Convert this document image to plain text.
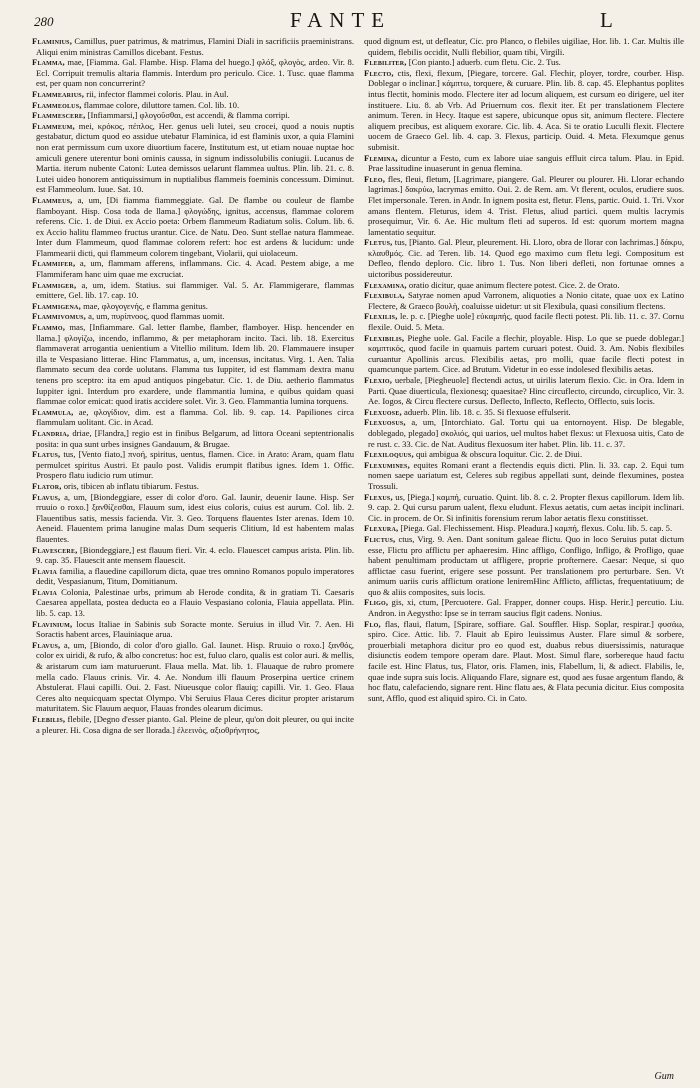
280	FANTE	L

Flaminius, Camillus, puer patrimus, & matrimus, Flamini Diali in sacrificiis praeministrans. Aliqui enim ministras Camillos dicebant. Festus.

Flamma, mae, [Fiamma. Gal. Flambe. Hisp. Flama del huego.] φλόξ, φλογὸς, ardeo. Vir. 8. Ecl. Corripuit tremulis altaria flammis. Interdum pro periculo. Cice. 1. Tusc. quae flamma est, per quam non concurrerint?

Flammearius, rii, infector flammei coloris. Plau. in Aul.

Flammeolus, flammae colore, diluttore tamen. Col. lib. 10.

Flammescere, [Infiammarsi,] φλογοῦσθαι, est accendi, & flamma corripi.

Flammeum, mei, κρόκος, πέπλος, Her. genus ueli lutei, seu crocei, quod a nouis nuptis gestabatur, dictum quod eo assidue utebatur Flaminica, id est flaminis uxor, a quia Flamini non erat permissum cum uxore diuortium facere, Institutum est, ut etiam nouae nuptae hoc amiculi genere uterentur boni ominis caussa, in signum indissolubilis coniugii. Lucanus de Martia. iterum nubente Catoni: Lutea demissos uelarunt flammea uultus. Plin. lib. 21. c. 8. Lutei uideo honorem antiquissimum in nuptialibus flammeis foeminis concessum. Diminut. est Flammeolum. Iuue. Sat. 10.

Flammeus, a, um, [Di fiamma fiammeggiate. Gal. De flambe ou couleur de flambe flamboyant. Hisp. Cosa toda de llama.] φλογώδης, ignitus, accensus, flammae colorem referens. Cic. 1. de Diui. ex Accio poeta: Orbem flammeum Radiatum solis. Colum. lib. 6. ex Accio halitu flammeo fructus urantur. Cice. de Natu. Deo. Sunt stellae natura flammeae. Inter dum Flammeum, quod flammae colorem refert: hoc est ardens & lucidum: unde Flammearii dicti, qui flammeum colorem tingebant, Violarii, qui uiolaceum.

Flammifer, a, um, flammam afferens, inflammans. Cic. 4. Acad. Pestem abige, a me Flammiferam hanc uim quae me excruciat.

Flammiger, a, um, idem. Statius. sui flammiger. Val. 5. Ar. Flammigerare, flammas emittere, Gel. lib. 17. cap. 10.

Flammigena, mae, φλογογενής, e flamma genitus.

Flammivomus, a, um, πυρίπνοος, quod flammas uomit.

Flammo, mas, [Infiammare. Gal. letter flambe, flamber, flamboyer. Hisp. hencender en llama.] φλογίζω, incendo, inflammo, & per metaphoram incito. Taci. lib. 18. Exercitus flammaverat arrogantia uenientium a Vitellio militum. Idem lib. 20. Flammauere insuper illa te Vespasiano litterae. Hinc Flammatus, a, um, incensus, incitatus. Virg. 1. Aen. Talia flammato secum dea corde uolutans. Flamma tus Iuppiter, id est flammam dextra manu tenens pro sceptro: ita em apud antiquos pingebatur. Cic. 1. de Diu. aetherio flammatus Iuppiter igni. Interdum pro exardere, unde flammantia lumina, e quibus quidam quasi flammae color emicat: quod iratis accidere solet. Vir. 3. Geo. Flammantia lumina torquens.

Flammula, ae, φλογίδιον, dim. est a flamma. Col. lib. 9. cap. 14. Papiliones circa flammulam uolitant. Cic. in Acad.

Flandria, driae, [Flandra,] regio est in finibus Belgarum, ad littora Oceani septentrionalis posita: in qua sunt urbes insignes Gandauum, & Brugae.

Flatus, tus, [Vento fiato,] πνοή, spiritus, uentus, flamen. Cice. in Arato: Aram, quam flatu permulcet spiritus Austri. Et paulo post. Validis erumpit flatibus ignes. Idem 1. Offic. Prospero flatu iudicio rum utimur.

Flator, oris, tibicen ab inflatu tibiarum. Festus.

Flavus, a, um, [Biondeggiare, esser di color d'oro. Gal. Iaunir, deuenir Iaune. Hisp. Ser rruuio o roxo.] ξανθίζεσθαι, Flauum sum, idest eius coloris, cuius est aurum. Col. lib. 2. Flauentibus satis, messis facienda. Vir. 3. Geo. Torquens flauentes Ister arenas. Idem 10. Aeneid. Flauentem prima lanugine malas Dum sequeris Clitium, Id est habentem malas flauentes.

Flavescere, [Biondeggiare,] est flauum fieri. Vir. 4. eclo. Flauescet campus arista. Plin. lib. 9. cap. 35. Flauescit ante mensem flauescit.

Flavia familia, a flauedine capillorum dicta, quae tres omnino Romanos populo imperatores dedit, Vespasianum, Titum, Domitianum.

Flavia Colonia, Palestinae urbs, primum ab Herode condita, & in gratiam Ti. Caesaris Caesarea appellata, postea deducta eo a Flauio Vespasiano colonia, Flauia appellata. Plin. lib. 5. cap. 13.

Flavinium, locus Italiae in Sabinis sub Soracte monte. Seruius in illud Vir. 7. Aen. Hi Soractis habent arces, Flauiniaque arua.

Flavus, a, um, [Biondo, di color d'oro giallo. Gal. Iaunet. Hisp. Rruuio o roxo.] ξανθός, color ex uiridi, & rufo, & albo concretus: hoc est, fuluo claro, qualis est color auri. & mellis, & aristarum cum iam maturuerunt. Flaua mella. Mat. lib. 1. Flauaque de rubro promere mella cado. Flauus crinis. Vir. 4. Ae. Nondum illi flauum Proserpina uertice crinem Abstulerat. Flaui capilli. Oui. 2. Fast. Niueusque color flauiq; capilli. Vir. 1. Geo. Flaua Ceres alto nequicquam spectat Olympo. Vbi Seruius Flaua Ceres dicitur propter aristarum maturitatem. Sic Flauum aequor, Flauas frondes olearum dicimus.

Flebilis, flebile, [Degno d'esser pianto. Gal. Pleine de pleur, qu'on doit pleurer, ou qui incite a pleurer. Hi. Cosa digna de ser llorada.] ἐλεεινὸς, αξιοθρήνητος,

quod dignum est, ut defleatur, Cic. pro Planco, o flebiles uigiliae, Hor. lib. 1. Car. Multis ille quidem, flebilis occidit, Nulli flebilior, quam tibi, Virgili.

Flebiliter, [Con pianto.] aduerb. cum fletu. Cic. 2. Tus.

Flecto, ctis, flexi, flexum, [Piegare, torcere. Gal. Flechir, ployer, tordre, courber. Hisp. Doblegar o inclinar.] κάμπτω, torquere, & curuare. Plin. lib. 8. cap. 45. Elephantus poplites intus flectit, hominis modo. Flectere iter ad locum aliquem, est cursum eo dirigere, uel iter instituere. Liu. 8. ab Vrb. Ad Priuernum cos. flexit iter. Et per translationem Flectere animum. Teren. in Hecy. Itaque est sapere, ubicunque opus sit, animum flectere. Flectere aliquem precibus, est aliquem exorare. Cic. lib. 4. Aca. Si te oratio Luculli flexit. Flectere uocem de Graeco Gel. lib. 4. cap. 3. Flexus, particip. Ouid. 4. Meta. Flexumque genus submisit.

Flemina, dicuntur a Festo, cum ex labore uiae sanguis effluit circa talum. Plau. in Epid. Prae lassitudine inuaserunt in genua flemina.

Fleo, fles, fleui, fletum, [Lagrimare, piangere. Gal. Pleurer ou plourer. Hi. Llorar echando lagrimas.] δακρύω, lacrymas emitto. Oui. 2. de Rem. am. Vt flerent, oculos, erudiere suos. Flet impersonale. Teren. in Andr. In ignem posita est, fletur. Flens, partic. Ouid. 1. Tri. Vxor amans flentem. Fleturus, idem 4. Trist. Fletus, aliud partici. quem multis lacrymis prosequimur, Vir. 6. Ae. Hic multum fleti ad superos. Id est: quorum mortem magna lamentatio sequitur.

Fletus, tus, [Pianto. Gal. Pleur, pleurement. Hi. Lloro, obra de llorar con lachrimas.] δάκρυ, κλαυθμός. Cic. ad Teren. lib. 14. Quod ego maximo cum fletu legi. Compositum est Defleo, flendo deploro. Cic. libro 1. Tus. Non liberi defleti, non fortunae omnes a uictoribus possidereutur.

Flexamina, oratio dicitur, quae animum flectere potest. Cice. 2. de Orato.

Flexibula, Satyrae nomen apud Varronem, aliquoties a Nonio citate, quae uox ex Latino Flectere, & Graeco βουλὴ, coaluisse uidetur: ut sit Flexibula, quasi consilium flectens.

Flexilis, le. p. c. [Pieghe uole] εὐκαμπής, quod facile flecti potest. Pli. lib. 11. c. 37. Cornu flexile. Ouid. 5. Meta.

Flexibilis, Pieghe uole. Gal. Facile a flechir, ployable. Hisp. Lo que se puede doblegar.] καμπτικός, quod facile in quamuis partem curuari potest. Ouid. 3. Am. Nobis flexibiles curuantur Apollinis arcus. Flexibilis aetas, pro molli, quae facile flecti potest in quamcunque partem. Cice. ad Brutum. Videtur in eo esse indolesed flexibilis aetas.

Flexio, uerbale, [Piegheuole] flectendi actus, ut uirilis laterum flexio. Cic. in Ora. Idem in Parti. Quae diuerticula, flexionesq; quaesitae? Hinc circuflecto, circundo, circuplico, Vir. 3. Ae. Iogos, & Circu flectere cursus. Deflecto, Inflecto, Reflecto, Offlecto, suis locis.

Flexuose, aduerb. Plin. lib. 18. c. 35. Si flexuose effulserit.

Flexuosus, a, um, [Intorchiato. Gal. Tortu qui ua entornoyent. Hisp. De blegable, doblegado, plegado] σκολιός, qui uarios, uel multos habet flexus: ut Flexuosa uitis, Cato de re rust. c. 33. Cic. de Nat. Auditus flexuosum iter habet. Plin. lib. 11. c. 37.

Flexiloquus, qui ambigua & obscura loquitur. Cic. 2. de Diui.

Flexumines, equites Romani erant a flectendis equis dicti. Plin. li. 33. cap. 2. Equi tum nomen saepe uariatum est, Celeres sub regibus appellati sunt, deinde flexumines, postea Trossuli.

Flexus, us, [Piega.] καμπή, curuatio. Quint. lib. 8. c. 2. Propter flexus capillorum. Idem lib. 9. cap. 2. Qui cursu parum ualent, flexu eludunt. Flexus aetatis, cum aetas incipit inclinari. Cic. in procem. de Or. Si infinitis forensium rerum labor aetatis flexu constitisset.

Flexura, [Piega. Gal. Flechissement. Hisp. Pleadura.] καμπή, flexus. Colu. lib. 5. cap. 5.

Flictus, ctus, Virg. 9. Aen. Dant sonitum galeae flictu. Quo in loco Seruius putat dictum esse, Flictu pro afflictu per aphaeresim. Hinc affligo, Confligo, Infligo, & Profligo, quae habent penultimam productam ut affligere, proprie profternere. Caesar: Neque, si quo afflictae casu fuerint, erigere sese possunt. Per translationem pro perturbare. Sen. Vt animum uariis curis afflictum oratione leniremHinc Afflicto, afflictas, frequentatiuum; de quo & aliis composites, suis locis.

Fligo, gis, xi, ctum, [Percuotere. Gal. Frapper, donner coups. Hisp. Herir.] percutio. Liu. Andron. in Aegystho: Ipse se in terram saucius flgit cadens. Nonius.

Flo, flas, flaui, flatum, [Spirare, soffiare. Gal. Souffler. Hisp. Soplar, respirar.] φυσάω, spiro. Cice. Attic. lib. 7. Flauit ab Epiro leuissimus Auster. Flare simul & sorbere, prouerbiali metaphora dicitur pro eo quod est, duabus rebus diuersissimis, naturaque disiunctis eodem tempore operam dare. Plaut. Most. Simul flare, sorbereque haud factu facile est. Hinc Flatus, tus, Flator, oris. Flamen, inis, Flabellum, li, & adiect. Flabilis, le, quae inde supra suis locis. Aliquando Flare, signare est, quod aes fusae argentum flando, & hoc flatu, calefaciendo, signare rent. Hinc flatu aes, & Flata pecunia dicitur. Eius composita sunt, Afflo, quod est aliquid spiro. Ci. in Cato.

Gum
